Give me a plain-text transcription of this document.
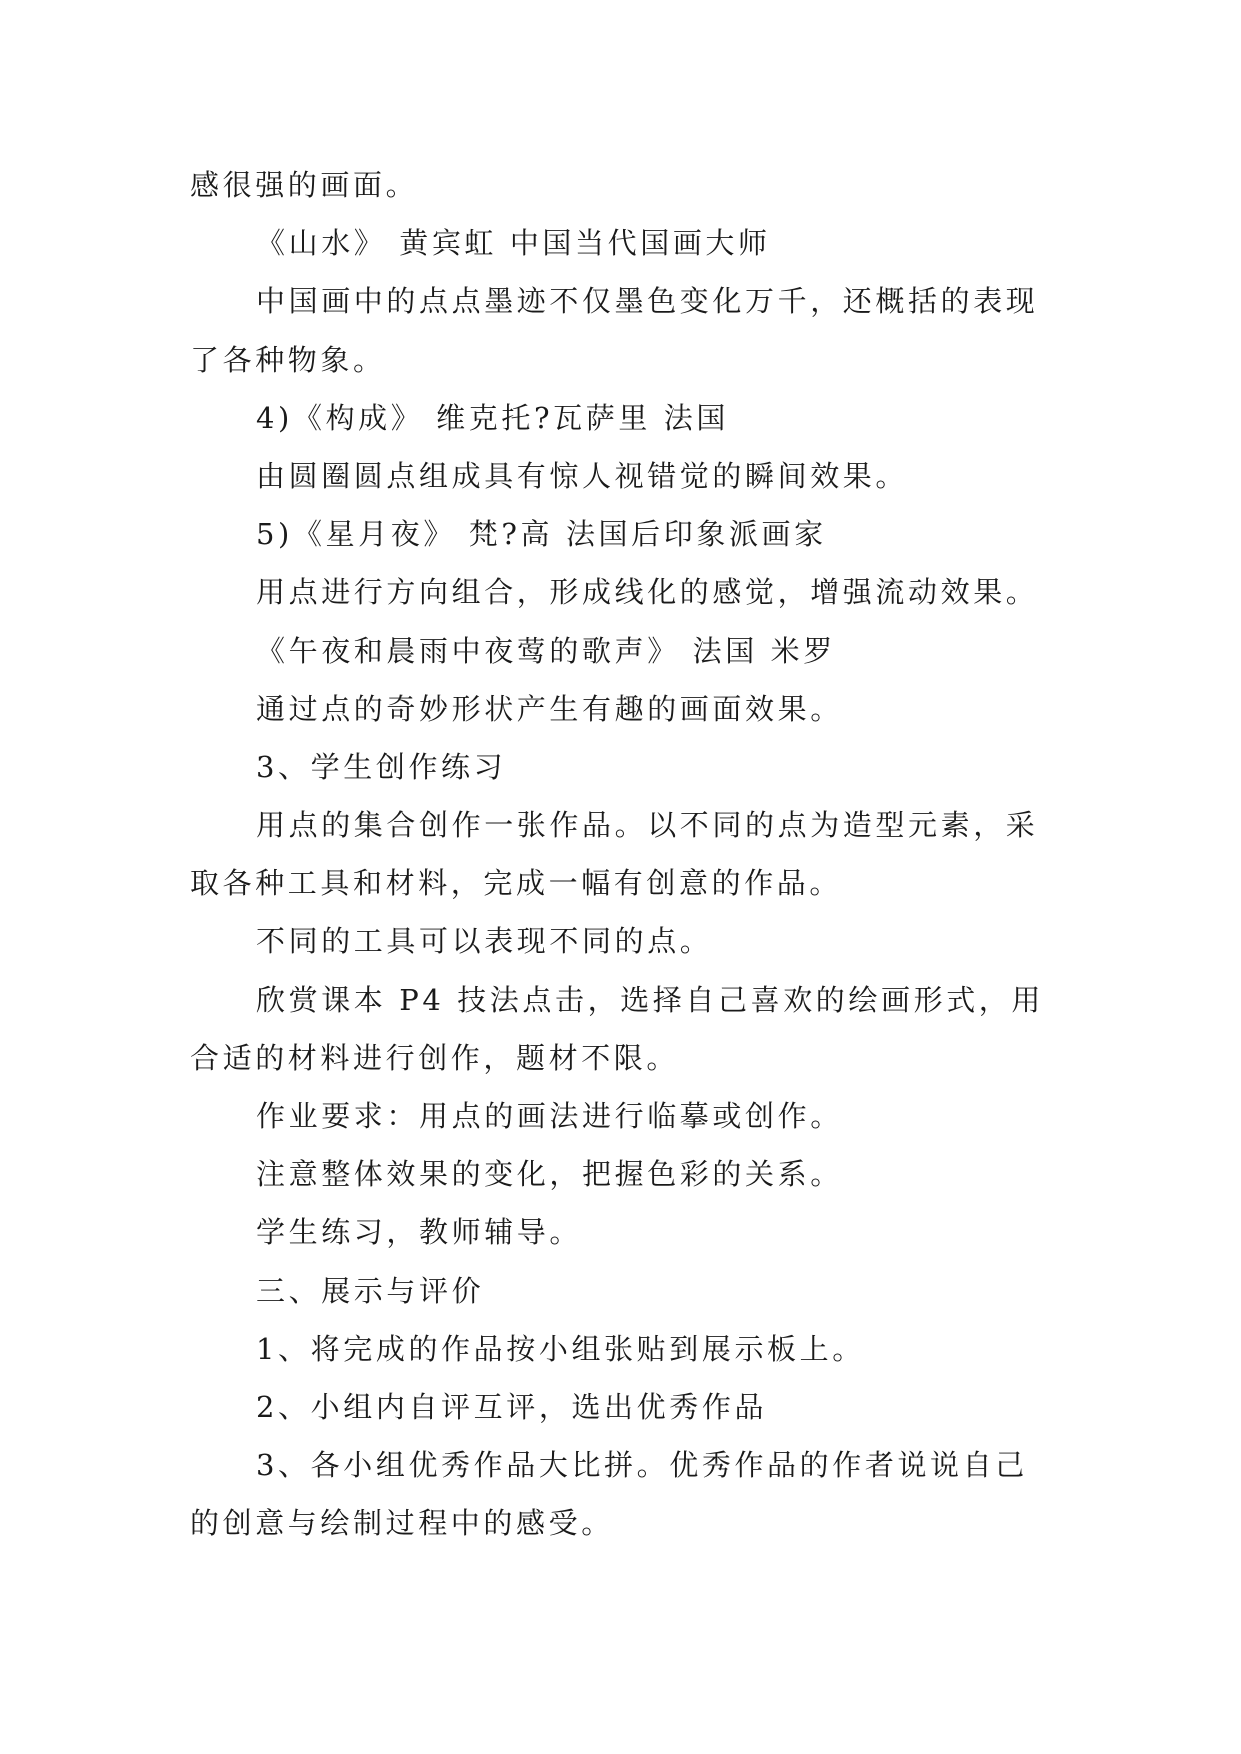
感很强的画面。
《山水》 黄宾虹 中国当代国画大师
中国画中的点点墨迹不仅墨色变化万千，还概括的表现
了各种物象。
4)《构成》 维克托?瓦萨里 法国
由圆圈圆点组成具有惊人视错觉的瞬间效果。
5)《星月夜》 梵?高 法国后印象派画家
用点进行方向组合，形成线化的感觉，增强流动效果。
《午夜和晨雨中夜莺的歌声》 法国 米罗
通过点的奇妙形状产生有趣的画面效果。
3、学生创作练习
用点的集合创作一张作品。以不同的点为造型元素，采
取各种工具和材料，完成一幅有创意的作品。
不同的工具可以表现不同的点。
欣赏课本 P4 技法点击，选择自己喜欢的绘画形式，用
合适的材料进行创作，题材不限。
作业要求：用点的画法进行临摹或创作。
注意整体效果的变化，把握色彩的关系。
学生练习，教师辅导。
三、展示与评价
1、将完成的作品按小组张贴到展示板上。
2、小组内自评互评，选出优秀作品
3、各小组优秀作品大比拼。优秀作品的作者说说自己
的创意与绘制过程中的感受。
